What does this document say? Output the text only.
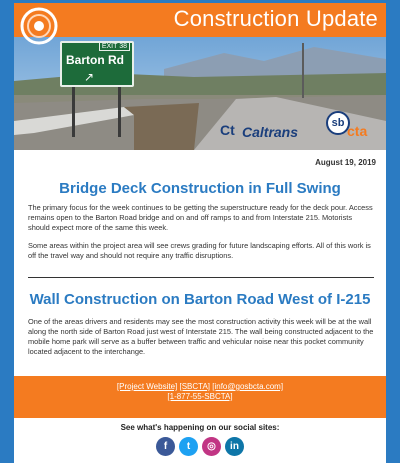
Construction Update
EXIT 38
Barton Rd
↗
Ct Caltrans
sb cta
August 19, 2019
Bridge Deck Construction in Full Swing
The primary focus for the week continues to be getting the superstructure ready for the deck pour. Access remains open to the Barton Road bridge and on and off ramps to and from Interstate 215. Motorists should expect more of the same this week.
Some areas within the project area will see crews grading for future landscaping efforts. All of this work is off the travel way and should not require any traffic disruptions.
Wall Construction on Barton Road West of I-215
One of the areas drivers and residents may see the most construction activity this week will be at the wall along the north side of Barton Road just west of Interstate 215. The wall being constructed adjacent to the mobile home park will serve as a buffer between traffic and vehicular noise near this pocket community located adjacent to the interchange.
[Project Website] [SBCTA] [info@gosbcta.com]
[1-877-55-SBCTA]
See what's happening on our social sites:
f	t	◎	in
